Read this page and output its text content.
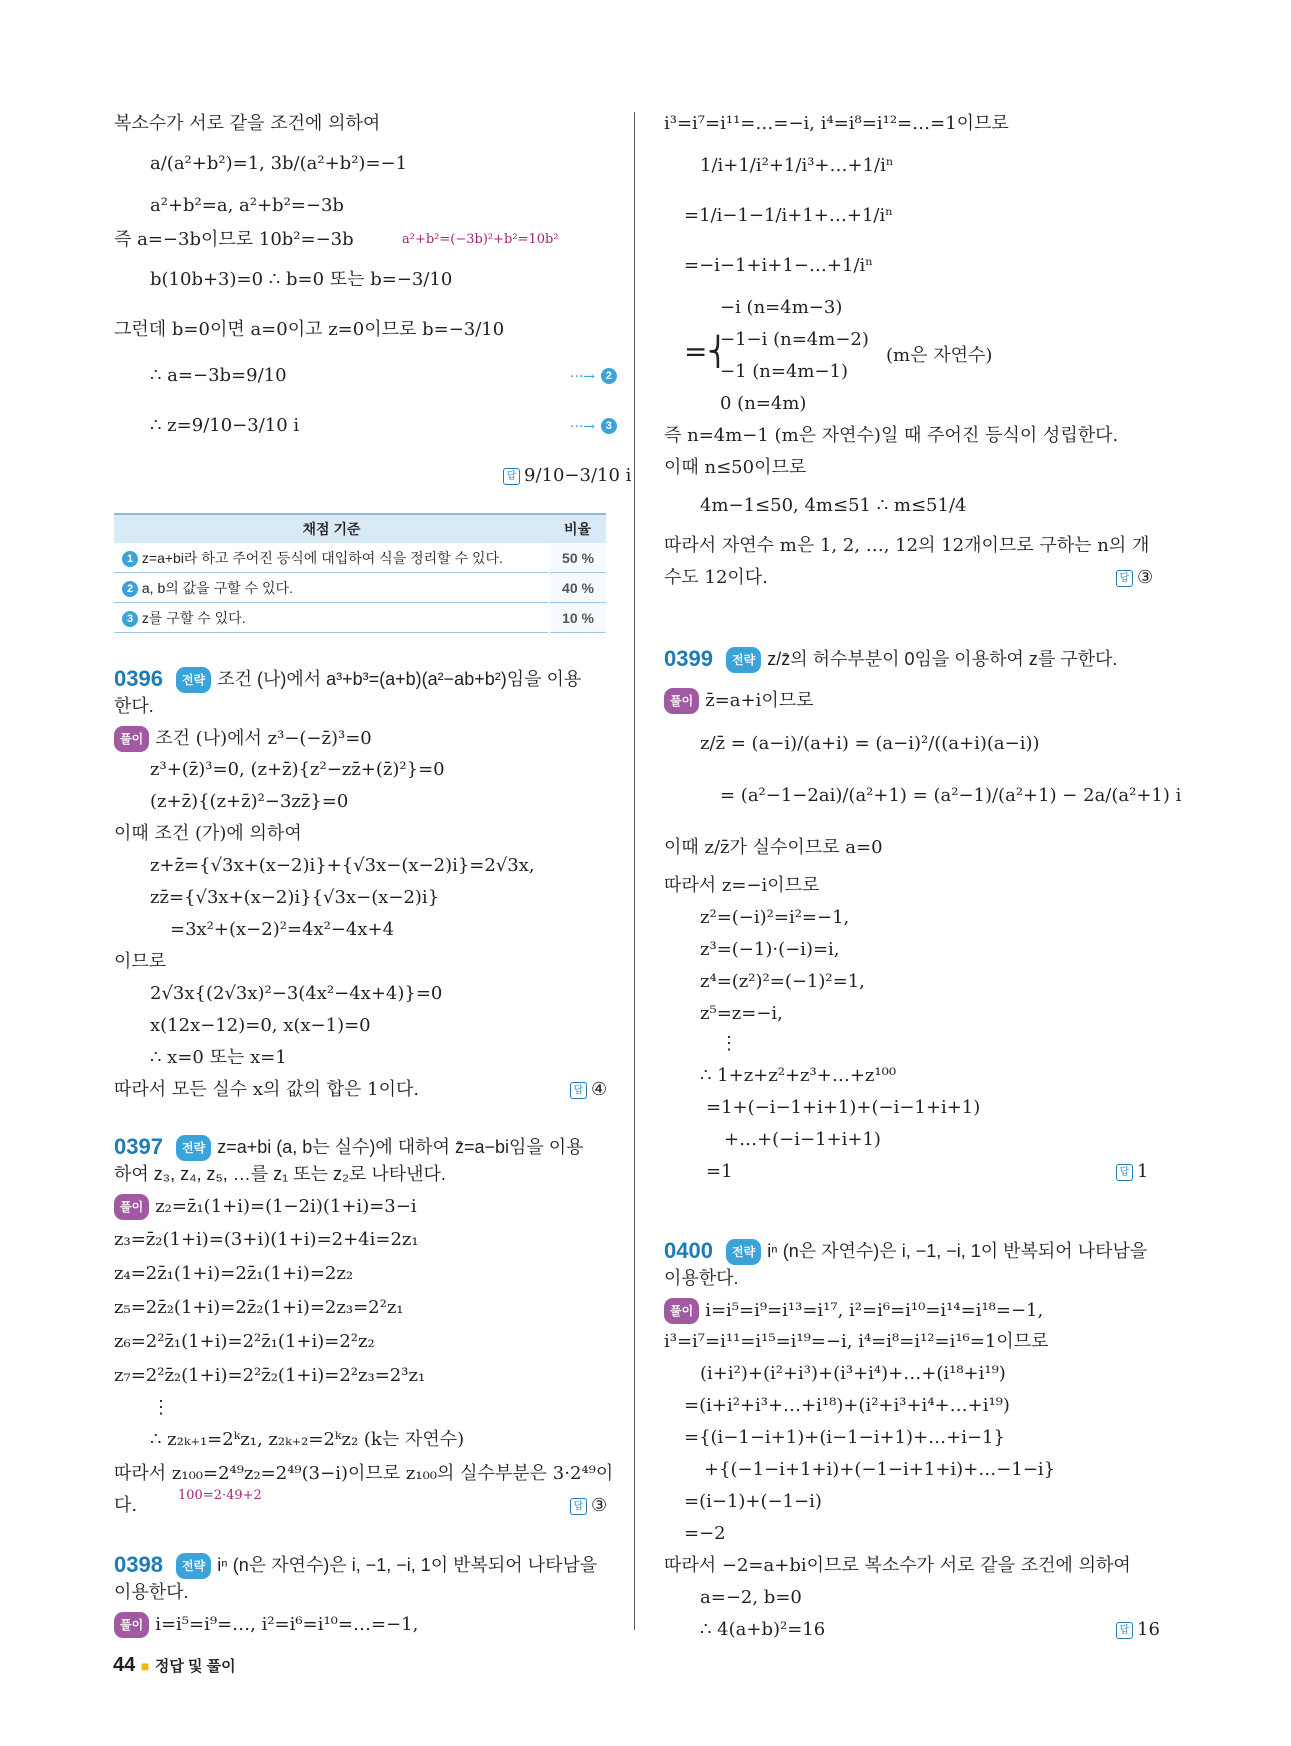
복소수가 서로 같을 조건에 의하여
a/(a²+b²)=1, 3b/(a²+b²)=−1
a²+b²=a, a²+b²=−3b
즉 a=−3b이므로 10b²=−3b	a²+b²=(−3b)²+b²=10b²
b(10b+3)=0 ∴ b=0 또는 b=−3/10
그런데 b=0이면 a=0이고 z=0이므로 b=−3/10
∴ a=−3b=9/10	···→ 2
∴ z=9/10−3/10 i	···→ 3
답 9/10−3/10 i
채점 기준	비율
1 z=a+bi라 하고 주어진 등식에 대입하여 식을 정리할 수 있다.	50 %
2 a, b의 값을 구할 수 있다.	40 %
3 z를 구할 수 있다.	10 %
0396	전략 조건 (나)에서 a³+b³=(a+b)(a²−ab+b²)임을 이용
한다.
풀이 조건 (나)에서 z³−(−z̄)³=0
z³+(z̄)³=0, (z+z̄){z²−zz̄+(z̄)²}=0
(z+z̄){(z+z̄)²−3zz̄}=0
이때 조건 (가)에 의하여
z+z̄={√3x+(x−2)i}+{√3x−(x−2)i}=2√3x,
zz̄={√3x+(x−2)i}{√3x−(x−2)i}
=3x²+(x−2)²=4x²−4x+4
이므로
2√3x{(2√3x)²−3(4x²−4x+4)}=0
x(12x−12)=0, x(x−1)=0
∴ x=0 또는 x=1
따라서 모든 실수 x의 값의 합은 1이다.	답 ④
0397	전략 z=a+bi (a, b는 실수)에 대하여 z̄=a−bi임을 이용
하여 z₃, z₄, z₅, …를 z₁ 또는 z₂로 나타낸다.
풀이 z₂=z̄₁(1+i)=(1−2i)(1+i)=3−i
z₃=z̄₂(1+i)=(3+i)(1+i)=2+4i=2z₁
z₄=2z̄₁(1+i)=2z̄₁(1+i)=2z₂
z₅=2z̄₂(1+i)=2z̄₂(1+i)=2z₃=2²z₁
z₆=2²z̄₁(1+i)=2²z̄₁(1+i)=2²z₂
z₇=2²z̄₂(1+i)=2²z̄₂(1+i)=2²z₃=2³z₁
⋮
∴ z₂ₖ₊₁=2ᵏz₁, z₂ₖ₊₂=2ᵏz₂ (k는 자연수)
따라서 z₁₀₀=2⁴⁹z₂=2⁴⁹(3−i)이므로 z₁₀₀의 실수부분은 3·2⁴⁹이
100=2·49+2
다.	답 ③
0398	전략 iⁿ (n은 자연수)은 i, −1, −i, 1이 반복되어 나타남을
이용한다.
풀이 i=i⁵=i⁹=…, i²=i⁶=i¹⁰=…=−1,
i³=i⁷=i¹¹=…=−i, i⁴=i⁸=i¹²=…=1이므로
1/i+1/i²+1/i³+…+1/iⁿ
=1/i−1−1/i+1+…+1/iⁿ
=−i−1+i+1−…+1/iⁿ
=⎨
−i (n=4m−3)
−1−i (n=4m−2)
−1 (n=4m−1)
0 (n=4m)
(m은 자연수)
즉 n=4m−1 (m은 자연수)일 때 주어진 등식이 성립한다.
이때 n≤50이므로
4m−1≤50, 4m≤51 ∴ m≤51/4
따라서 자연수 m은 1, 2, …, 12의 12개이므로 구하는 n의 개
수도 12이다.	답 ③
0399	전략 z/z̄의 허수부분이 0임을 이용하여 z를 구한다.
풀이 z̄=a+i이므로
z/z̄ = (a−i)/(a+i) = (a−i)²/((a+i)(a−i))
= (a²−1−2ai)/(a²+1) = (a²−1)/(a²+1) − 2a/(a²+1) i
이때 z/z̄가 실수이므로 a=0
따라서 z=−i이므로
z²=(−i)²=i²=−1,
z³=(−1)·(−i)=i,
z⁴=(z²)²=(−1)²=1,
z⁵=z=−i,
⋮
∴ 1+z+z²+z³+…+z¹⁰⁰
=1+(−i−1+i+1)+(−i−1+i+1)
+…+(−i−1+i+1)
=1	답 1
0400	전략 iⁿ (n은 자연수)은 i, −1, −i, 1이 반복되어 나타남을
이용한다.
풀이 i=i⁵=i⁹=i¹³=i¹⁷, i²=i⁶=i¹⁰=i¹⁴=i¹⁸=−1,
i³=i⁷=i¹¹=i¹⁵=i¹⁹=−i, i⁴=i⁸=i¹²=i¹⁶=1이므로
(i+i²)+(i²+i³)+(i³+i⁴)+…+(i¹⁸+i¹⁹)
=(i+i²+i³+…+i¹⁸)+(i²+i³+i⁴+…+i¹⁹)
={(i−1−i+1)+(i−1−i+1)+…+i−1}
+{(−1−i+1+i)+(−1−i+1+i)+…−1−i}
=(i−1)+(−1−i)
=−2
따라서 −2=a+bi이므로 복소수가 서로 같을 조건에 의하여
a=−2, b=0
∴ 4(a+b)²=16	답 16
44 ■ 정답 및 풀이
